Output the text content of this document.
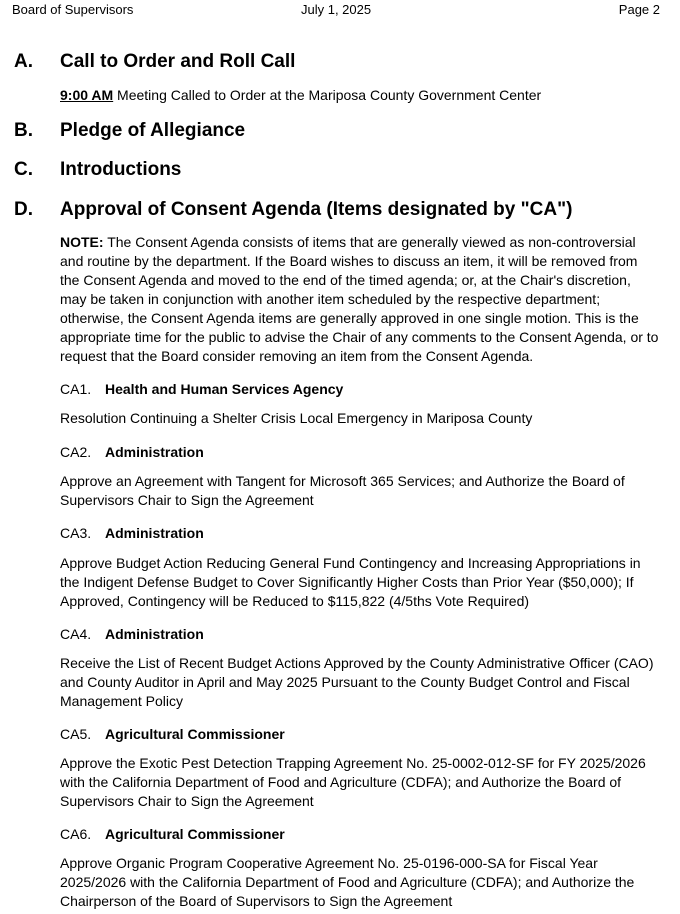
Board of Supervisors	July 1, 2025	Page 2
A. Call to Order and Roll Call
9:00 AM Meeting Called to Order at the Mariposa County Government Center
B. Pledge of Allegiance
C. Introductions
D. Approval of Consent Agenda (Items designated by "CA")
NOTE: The Consent Agenda consists of items that are generally viewed as non-controversial and routine by the department. If the Board wishes to discuss an item, it will be removed from the Consent Agenda and moved to the end of the timed agenda; or, at the Chair's discretion, may be taken in conjunction with another item scheduled by the respective department; otherwise, the Consent Agenda items are generally approved in one single motion. This is the appropriate time for the public to advise the Chair of any comments to the Consent Agenda, or to request that the Board consider removing an item from the Consent Agenda.
CA1. Health and Human Services Agency
Resolution Continuing a Shelter Crisis Local Emergency in Mariposa County
CA2. Administration
Approve an Agreement with Tangent for Microsoft 365 Services; and Authorize the Board of Supervisors Chair to Sign the Agreement
CA3. Administration
Approve Budget Action Reducing General Fund Contingency and Increasing Appropriations in the Indigent Defense Budget to Cover Significantly Higher Costs than Prior Year ($50,000); If Approved, Contingency will be Reduced to $115,822 (4/5ths Vote Required)
CA4. Administration
Receive the List of Recent Budget Actions Approved by the County Administrative Officer (CAO) and County Auditor in April and May 2025 Pursuant to the County Budget Control and Fiscal Management Policy
CA5. Agricultural Commissioner
Approve the Exotic Pest Detection Trapping Agreement No. 25-0002-012-SF for FY 2025/2026 with the California Department of Food and Agriculture (CDFA); and Authorize the Board of Supervisors Chair to Sign the Agreement
CA6. Agricultural Commissioner
Approve Organic Program Cooperative Agreement No. 25-0196-000-SA for Fiscal Year 2025/2026 with the California Department of Food and Agriculture (CDFA); and Authorize the Chairperson of the Board of Supervisors to Sign the Agreement
